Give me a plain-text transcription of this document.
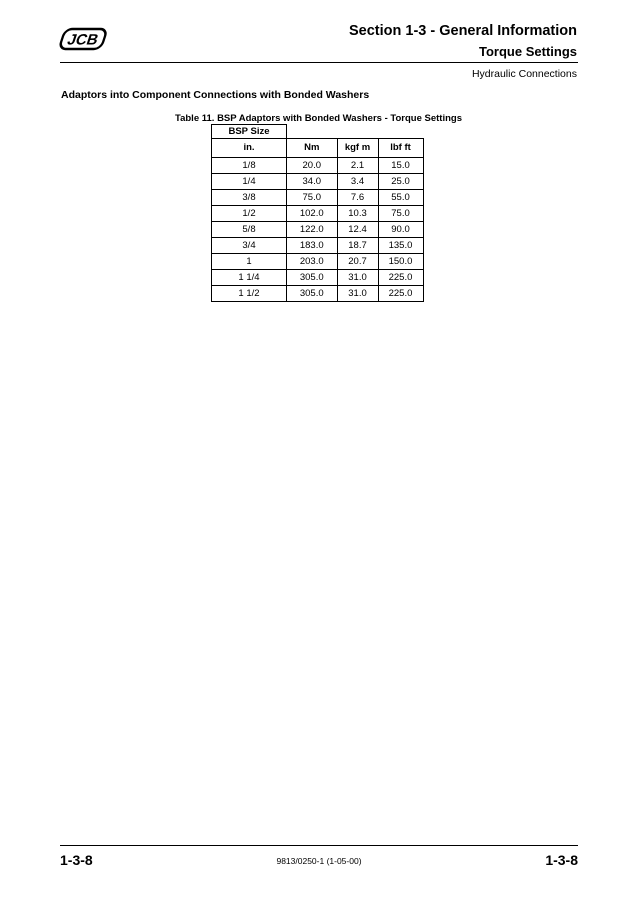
JCB
Section 1-3 - General Information
Torque Settings
Hydraulic Connections
Adaptors into Component Connections with Bonded Washers
Table 11. BSP Adaptors with Bonded Washers - Torque Settings
BSP Size			
in.	Nm	kgf m	lbf ft
1/8	20.0	2.1	15.0
1/4	34.0	3.4	25.0
3/8	75.0	7.6	55.0
1/2	102.0	10.3	75.0
5/8	122.0	12.4	90.0
3/4	183.0	18.7	135.0
1	203.0	20.7	150.0
1 1/4	305.0	31.0	225.0
1 1/2	305.0	31.0	225.0
1-3-8	9813/0250-1 (1-05-00)	1-3-8
